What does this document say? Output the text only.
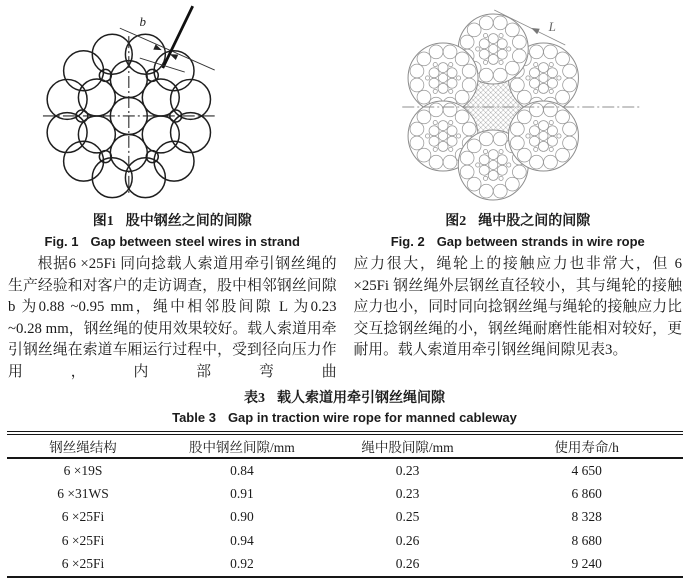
b
图1 股中钢丝之间的间隙
Fig. 1 Gap between steel wires in strand

根据6 ×25Fi 同向捻载人索道用牵引钢丝绳的生产经验和对客户的走访调查，股中相邻钢丝间隙 b 为0.88 ~0.95 mm，绳中相邻股间隙 L 为0.23 ~0.28 mm，钢丝绳的使用效果较好。载人索道用牵引钢丝绳在索道车厢运行过程中，受到径向压力作用，内部弯曲

L
图2 绳中股之间的间隙
Fig. 2 Gap between strands in wire rope

应力很大，绳轮上的接触应力也非常大，但 6 ×25Fi 钢丝绳外层钢丝直径较小，其与绳轮的接触应力也小，同时同向捻钢丝绳与绳轮的接触应力比交互捻钢丝绳的小，钢丝绳耐磨性能相对较好，更耐用。载人索道用牵引钢丝绳间隙见表3。

表3 载人索道用牵引钢丝绳间隙
Table 3 Gap in traction wire rope for manned cableway
钢丝绳结构	股中钢丝间隙/mm	绳中股间隙/mm	使用寿命/h
6 ×19S	0.84	0.23	4 650
6 ×31WS	0.91	0.23	6 860
6 ×25Fi	0.90	0.25	8 328
6 ×25Fi	0.94	0.26	8 680
6 ×25Fi	0.92	0.26	9 240
